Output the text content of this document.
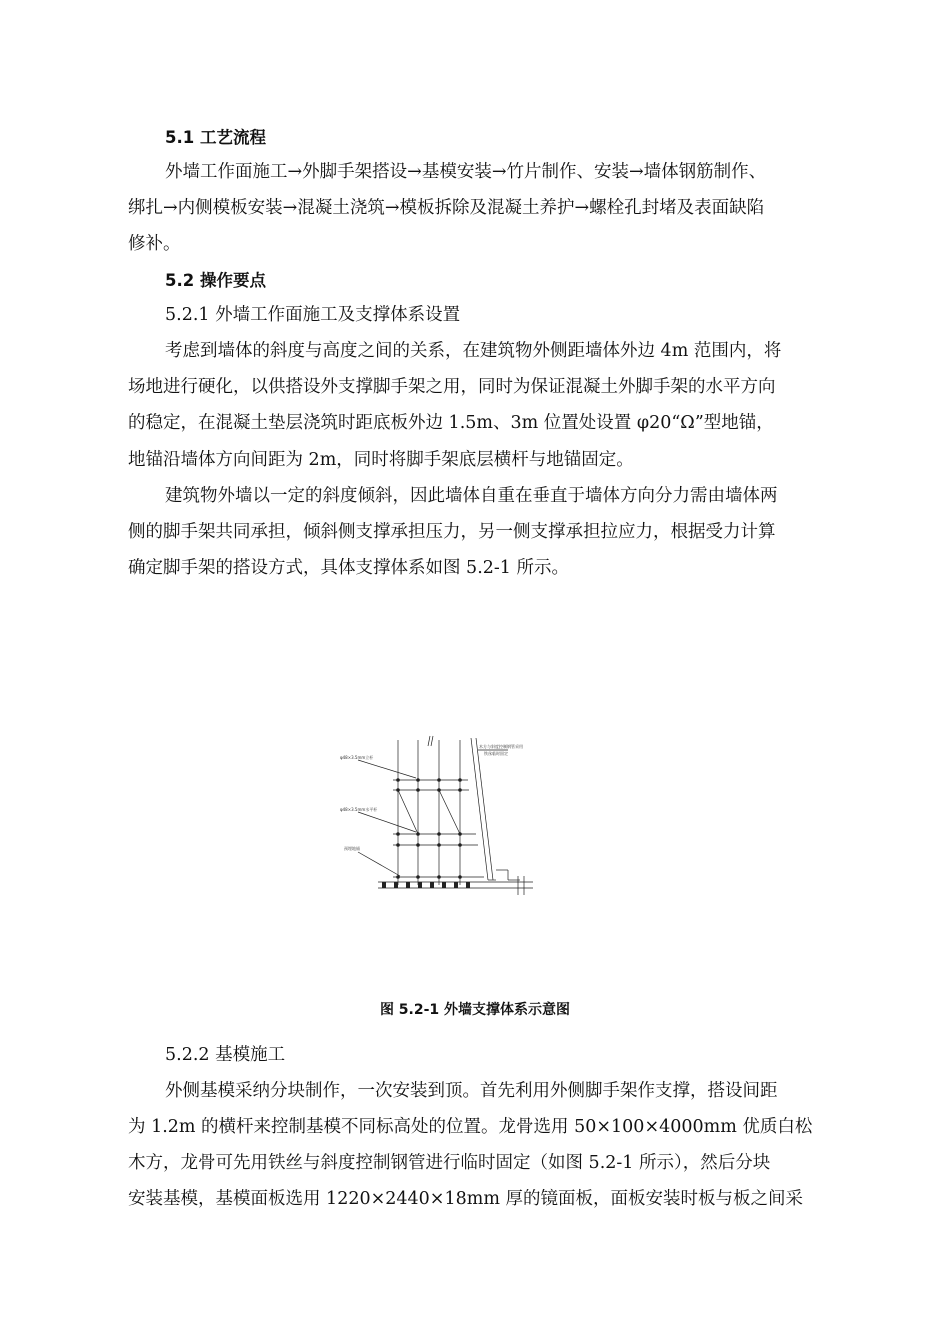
5.1 工艺流程
外墙工作面施工→外脚手架搭设→基模安装→竹片制作、安装→墙体钢筋制作、
绑扎→内侧模板安装→混凝土浇筑→模板拆除及混凝土养护→螺栓孔封堵及表面缺陷
修补。
5.2 操作要点
5.2.1 外墙工作面施工及支撑体系设置
考虑到墙体的斜度与高度之间的关系，在建筑物外侧距墙体外边 4m 范围内，将
场地进行硬化，以供搭设外支撑脚手架之用，同时为保证混凝土外脚手架的水平方向
的稳定，在混凝土垫层浇筑时距底板外边 1.5m、3m 位置处设置 φ20“Ω”型地锚，
地锚沿墙体方向间距为 2m，同时将脚手架底层横杆与地锚固定。
建筑物外墙以一定的斜度倾斜，因此墙体自重在垂直于墙体方向分力需由墙体两
侧的脚手架共同承担，倾斜侧支撑承担压力，另一侧支撑承担拉应力，根据受力计算
确定脚手架的搭设方式，具体支撑体系如图 5.2-1 所示。
φ48×3.5mm立杆
φ48×3.5mm水平杆
预埋地锚
木方与斜度控制钢管采用
铁丝临时固定
图 5.2-1 外墙支撑体系示意图
5.2.2 基模施工
外侧基模采纳分块制作，一次安装到顶。首先利用外侧脚手架作支撑，搭设间距
为 1.2m 的横杆来控制基模不同标高处的位置。龙骨选用 50×100×4000mm 优质白松
木方，龙骨可先用铁丝与斜度控制钢管进行临时固定（如图 5.2-1 所示），然后分块
安装基模，基模面板选用 1220×2440×18mm 厚的镜面板，面板安装时板与板之间采
